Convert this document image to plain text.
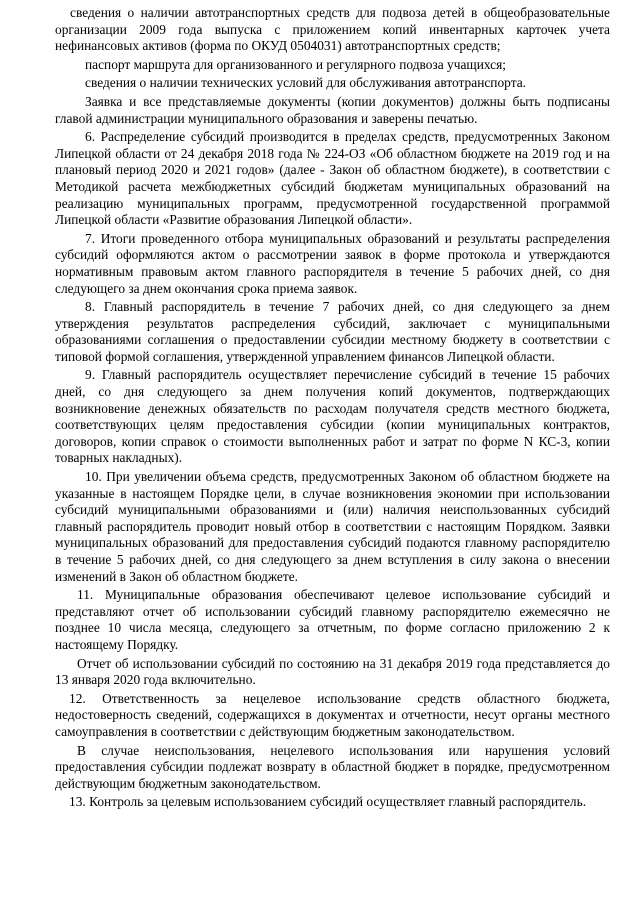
сведения о наличии автотранспортных средств для подвоза детей в общеобразовательные организации 2009 года выпуска с приложением копий инвентарных карточек учета нефинансовых активов (форма по ОКУД 0504031) автотранспортных средств;

паспорт маршрута для организованного и регулярного подвоза учащихся;

сведения о наличии технических условий для обслуживания автотранспорта.

Заявка и все представляемые документы (копии документов) должны быть подписаны главой администрации муниципального образования и заверены печатью.

6. Распределение субсидий производится в пределах средств, предусмотренных Законом Липецкой области от 24 декабря 2018 года № 224-ОЗ «Об областном бюджете на 2019 год и на плановый период 2020 и 2021 годов» (далее - Закон об областном бюджете), в соответствии с Методикой расчета межбюджетных субсидий бюджетам муниципальных образований на реализацию муниципальных программ, предусмотренной государственной программой Липецкой области «Развитие образования Липецкой области».

7. Итоги проведенного отбора муниципальных образований и результаты распределения субсидий оформляются актом о рассмотрении заявок в форме протокола и утверждаются нормативным правовым актом главного распорядителя в течение 5 рабочих дней, со дня следующего за днем окончания срока приема заявок.

8. Главный распорядитель в течение 7 рабочих дней, со дня следующего за днем утверждения результатов распределения субсидий, заключает с муниципальными образованиями соглашения о предоставлении субсидии местному бюджету в соответствии с типовой формой соглашения, утвержденной управлением финансов Липецкой области.

9. Главный распорядитель осуществляет перечисление субсидий в течение 15 рабочих дней, со дня следующего за днем получения копий документов, подтверждающих возникновение денежных обязательств по расходам получателя средств местного бюджета, соответствующих целям предоставления субсидии (копии муниципальных контрактов, договоров, копии справок о стоимости выполненных работ и затрат по форме N КС-3, копии товарных накладных).

10. При увеличении объема средств, предусмотренных Законом об областном бюджете на указанные в настоящем Порядке цели, в случае возникновения экономии при использовании субсидий муниципальными образованиями и (или) наличия неиспользованных субсидий главный распорядитель проводит новый отбор в соответствии с настоящим Порядком. Заявки муниципальных образований для предоставления субсидий подаются главному распорядителю в течение 5 рабочих дней, со дня следующего за днем вступления в силу закона о внесении изменений в Закон об областном бюджете.

11. Муниципальные образования обеспечивают целевое использование субсидий и представляют отчет об использовании субсидий главному распорядителю ежемесячно не позднее 10 числа месяца, следующего за отчетным, по форме согласно приложению 2 к настоящему Порядку.

Отчет об использовании субсидий по состоянию на 31 декабря 2019 года представляется до 13 января 2020 года включительно.

12. Ответственность за нецелевое использование средств областного бюджета, недостоверность сведений, содержащихся в документах и отчетности, несут органы местного самоуправления в соответствии с действующим бюджетным законодательством.

В случае неиспользования, нецелевого использования или нарушения условий предоставления субсидии подлежат возврату в областной бюджет в порядке, предусмотренном действующим бюджетным законодательством.

13. Контроль за целевым использованием субсидий осуществляет главный распорядитель.
